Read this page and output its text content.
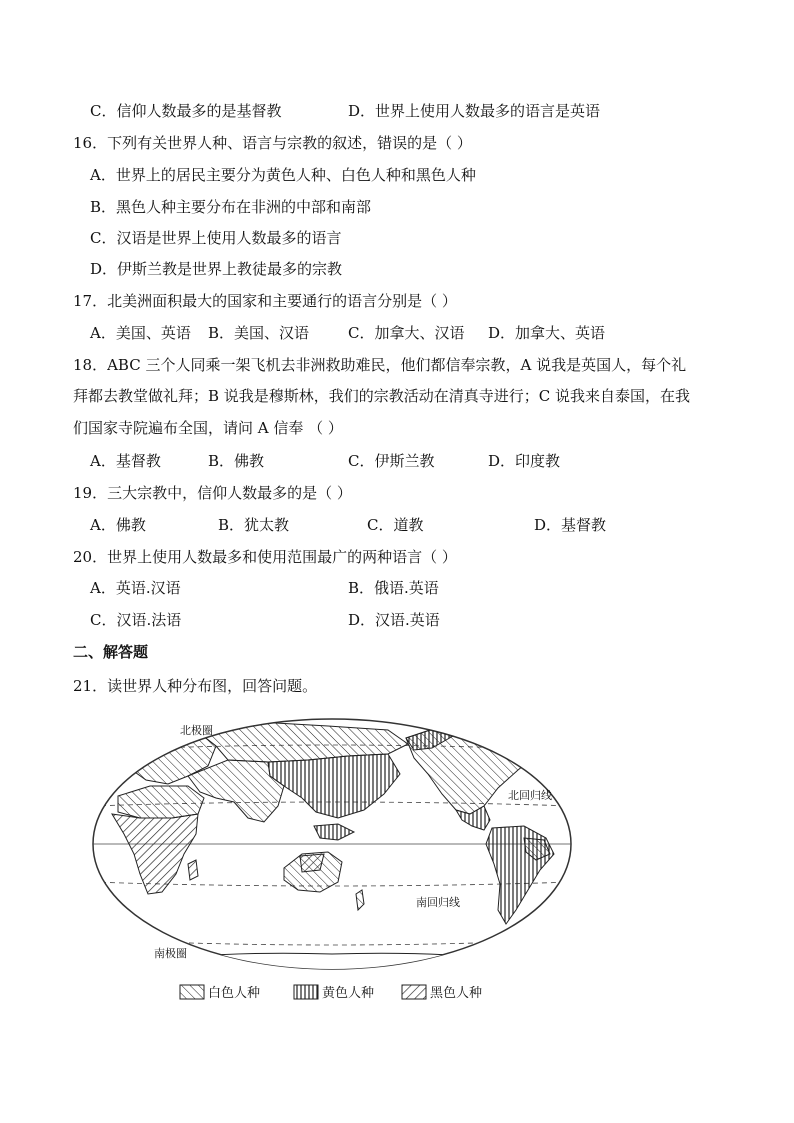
C．信仰人数最多的是基督教	D．世界上使用人数最多的语言是英语
16．下列有关世界人种、语言与宗教的叙述，错误的是（ ）
A．世界上的居民主要分为黄色人种、白色人种和黑色人种
B．黑色人种主要分布在非洲的中部和南部
C．汉语是世界上使用人数最多的语言
D．伊斯兰教是世界上教徒最多的宗教
17．北美洲面积最大的国家和主要通行的语言分别是（ ）
A．美国、英语 B．美国、汉语	C．加拿大、汉语 D．加拿大、英语
18．ABC 三个人同乘一架飞机去非洲救助难民，他们都信奉宗教，A 说我是英国人，每个礼
拜都去教堂做礼拜；B 说我是穆斯林，我们的宗教活动在清真寺进行；C 说我来自泰国，在我
们国家寺院遍布全国，请问 A 信奉 （ ）
A．基督教	B．佛教	C．伊斯兰教	D．印度教
19．三大宗教中，信仰人数最多的是（ ）
A．佛教	B．犹太教	C．道教	D．基督教
20．世界上使用人数最多和使用范围最广的两种语言（ ）
A．英语.汉语	B．俄语.英语
C．汉语.法语	D．汉语.英语
二、解答题
21．读世界人种分布图，回答问题。
北极圈
北回归线
南回归线
南极圈
白色人种	黄色人种	黑色人种
